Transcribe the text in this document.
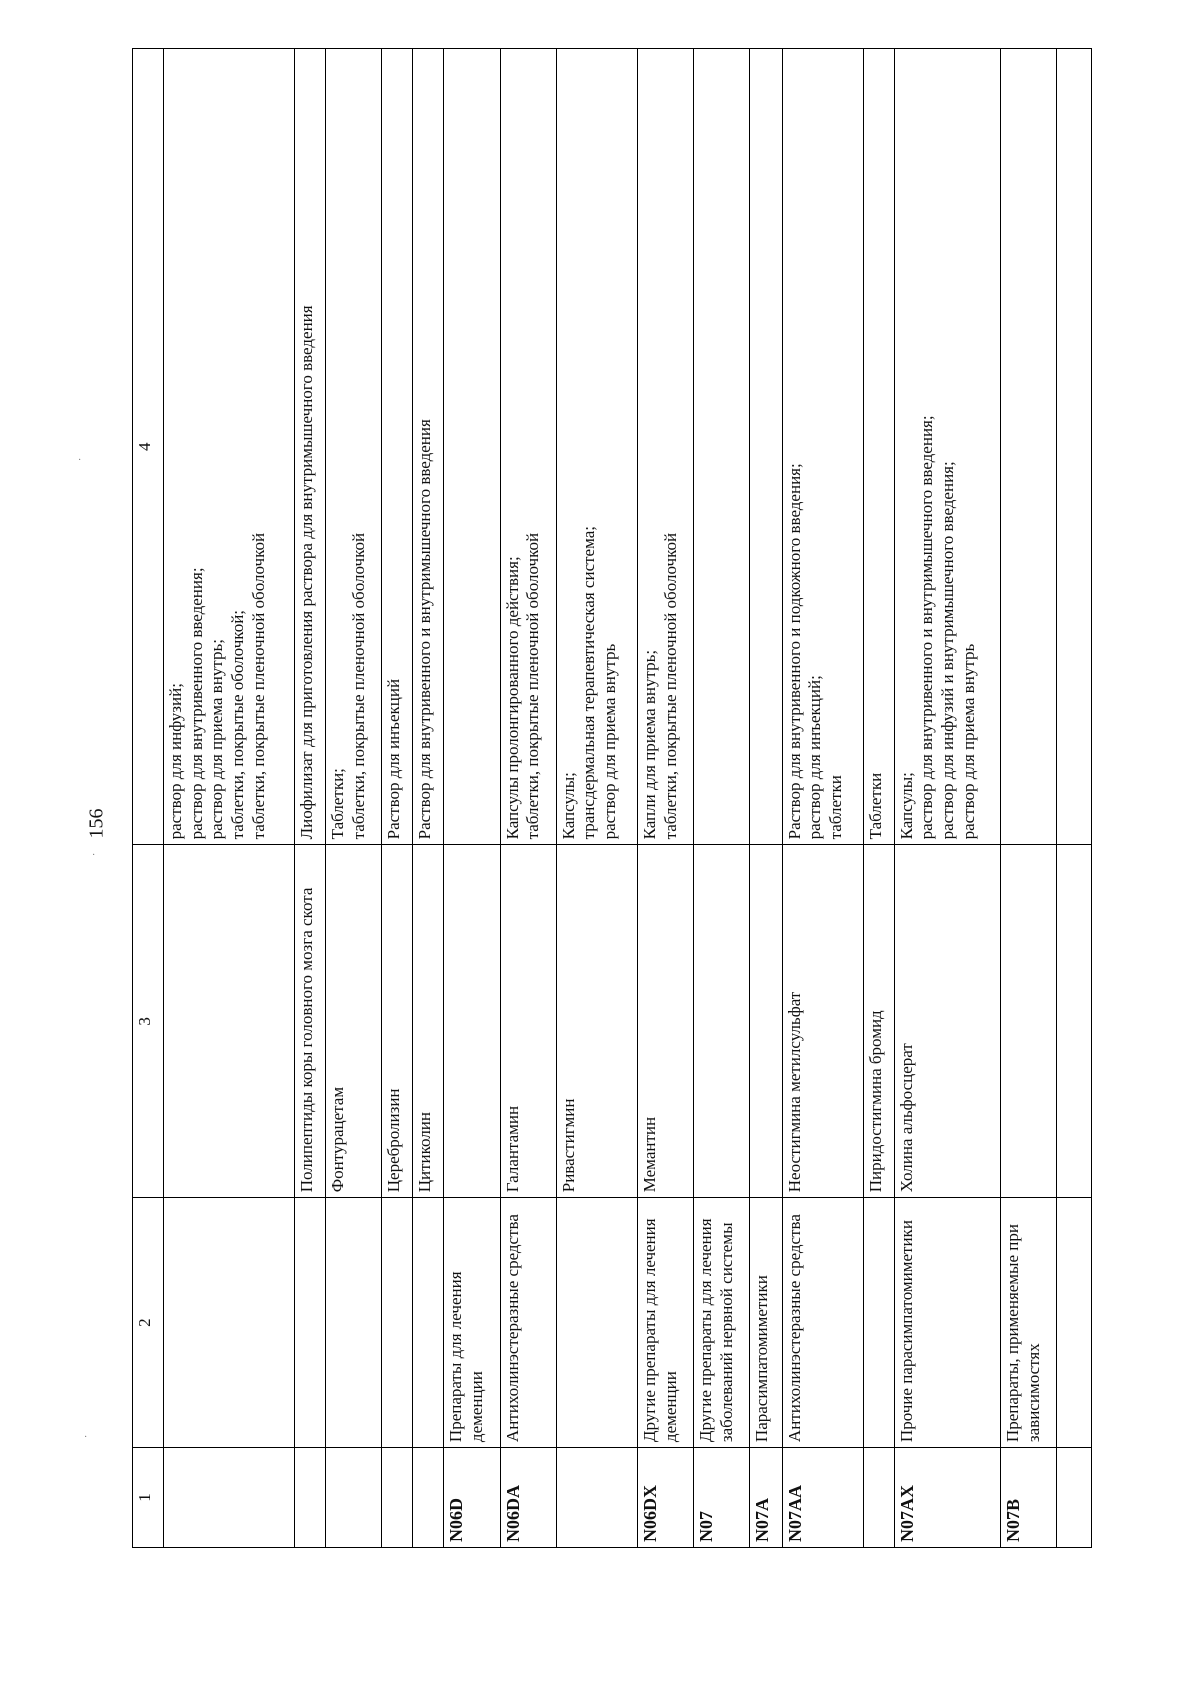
156
·
·
·
1	2	3	4

			раствор для инфузий; раствор для внутривенного введения; раствор для приема внутрь; таблетки, покрытые оболочкой; таблетки, покрытые пленочной оболочкой

		Полипептиды коры головного мозга скота	Лиофилизат для приготовления раствора для внутримышечного введения

		Фонтурацетам	Таблетки; таблетки, покрытые пленочной оболочкой

		Церебролизин	Раствор для инъекций

		Цитиколин	Раствор для внутривенного и внутримышечного введения

N06D	Препараты для лечения деменции		
N06DA	Антихолинэстеразные средства	Галантамин	Капсулы пролонгированного действия; таблетки, покрытые пленочной оболочкой

		Ривастигмин	Капсулы; трансдермальная терапевтическая система; раствор для приема внутрь

N06DX	Другие препараты для лечения деменции	Мемантин	Капли для приема внутрь; таблетки, покрытые пленочной оболочкой

N07	Другие препараты для лечения заболеваний нервной системы		
N07A	Парасимпатомиметики		
N07AA	Антихолинэстеразные средства	Неостигмина метилсульфат	Раствор для внутривенного и подкожного введения; раствор для инъекций; таблетки

		Пиридостигмина бромид	Таблетки

N07AX	Прочие парасимпатомиметики	Холина альфосцерат	Капсулы; раствор для внутривенного и внутримышечного введения; раствор для инфузий и внутримышечного введения; раствор для приема внутрь

N07B	Препараты, применяемые при зависимостях		
